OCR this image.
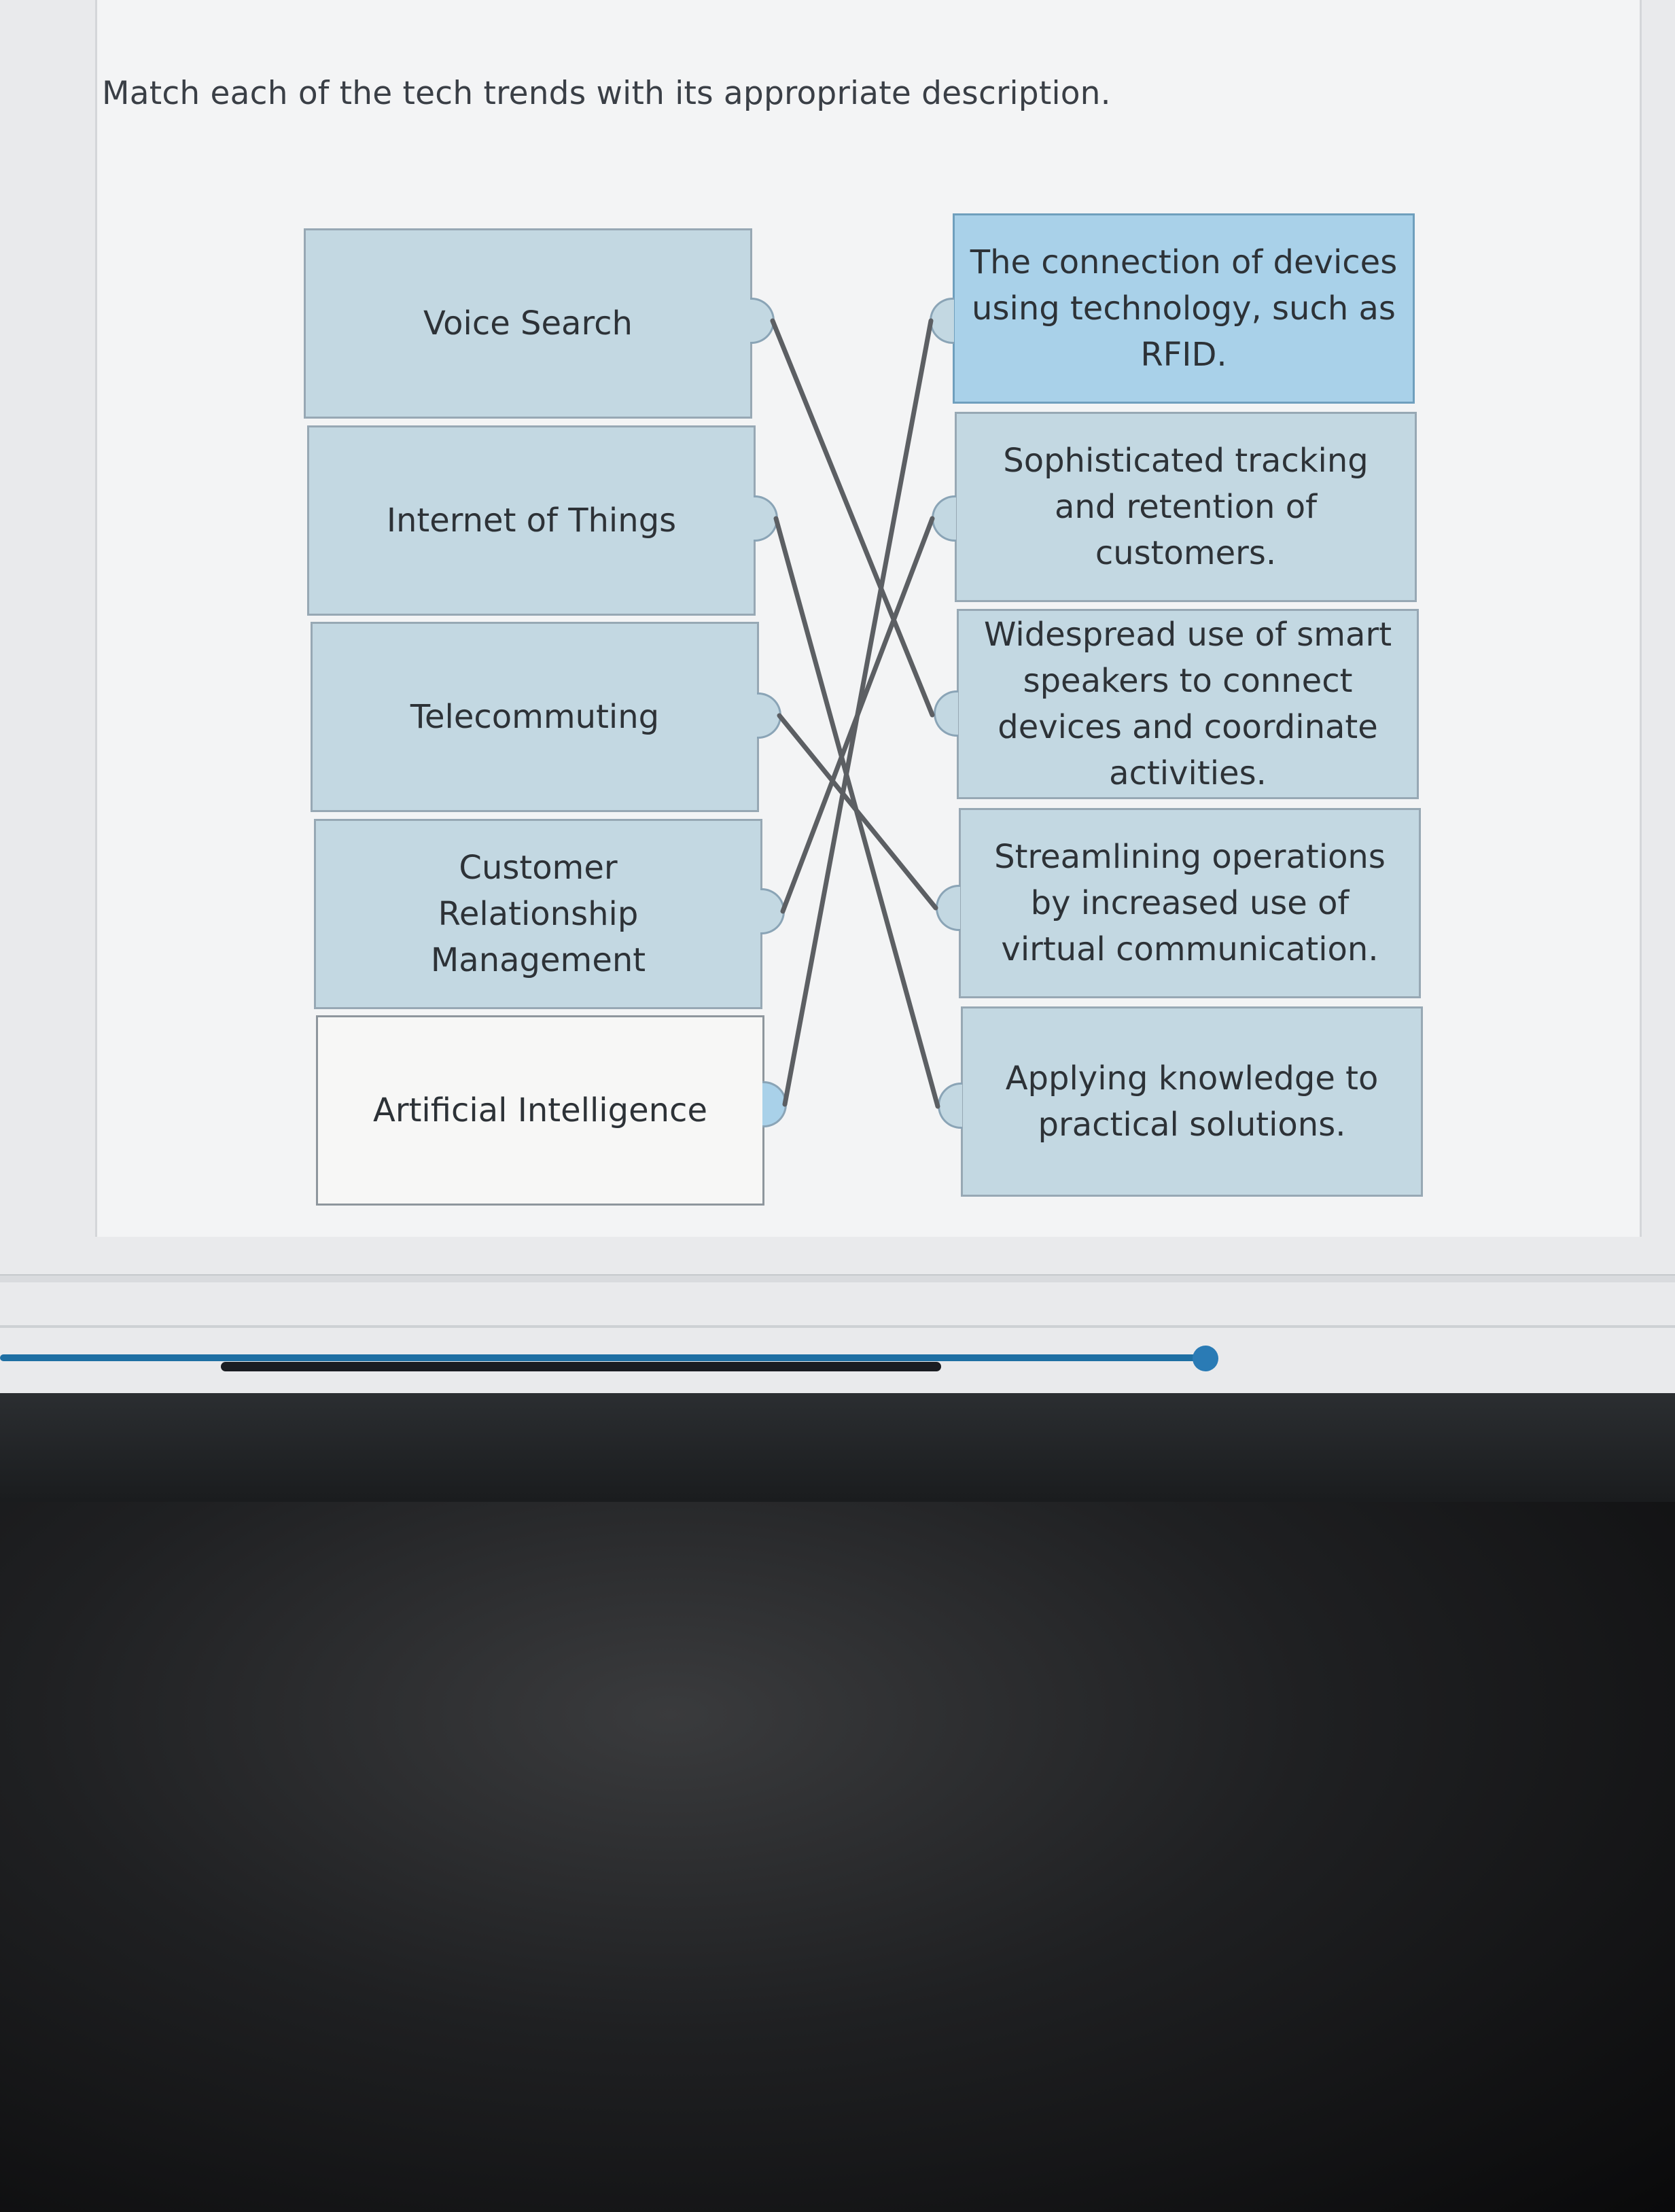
Match each of the tech trends with its appropriate description.
Voice Search
Internet of Things
Telecommuting
Customer Relationship Management
Artificial Intelligence
The connection of devices using technology, such as RFID.
Sophisticated tracking and retention of customers.
Widespread use of smart speakers to connect devices and coordinate activities.
Streamlining operations by increased use of virtual communication.
Applying knowledge to practical solutions.
